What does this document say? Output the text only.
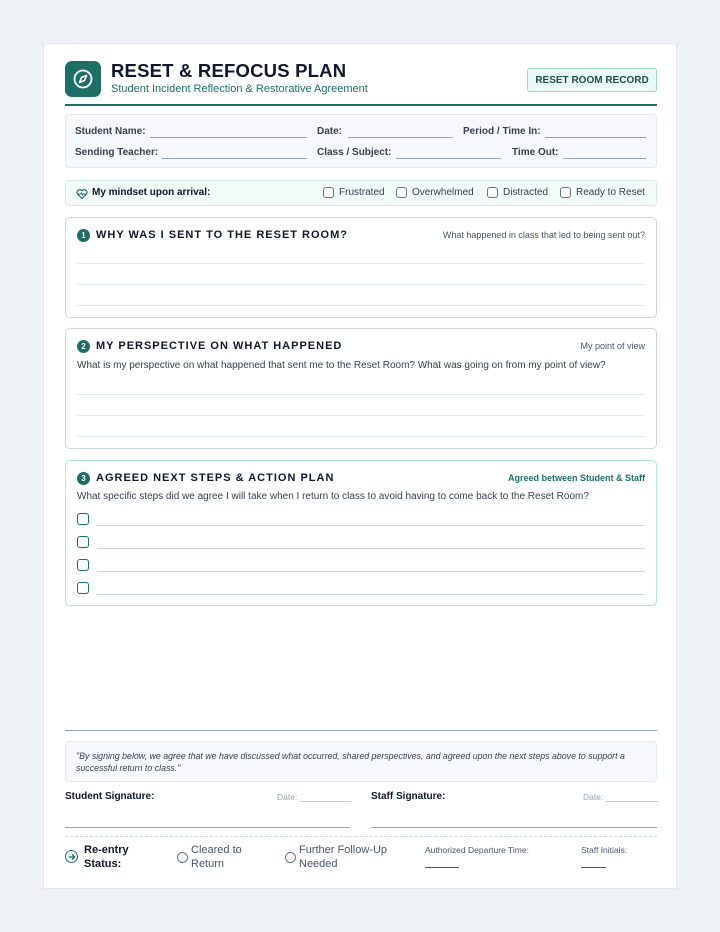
RESET & REFOCUS PLAN
Student Incident Reflection & Restorative Agreement
RESET ROOM RECORD
Student Name:	Date:	Period / Time In:
Sending Teacher:	Class / Subject:	Time Out:
My mindset upon arrival:	Frustrated	Overwhelmed	Distracted	Ready to Reset
1 WHY WAS I SENT TO THE RESET ROOM?	What happened in class that led to being sent out?
2 MY PERSPECTIVE ON WHAT HAPPENED	My point of view
What is my perspective on what happened that sent me to the Reset Room? What was going on from my point of view?
3 AGREED NEXT STEPS & ACTION PLAN	Agreed between Student & Staff
What specific steps did we agree I will take when I return to class to avoid having to come back to the Reset Room?
"By signing below, we agree that we have discussed what occurred, shared perspectives, and agreed upon the next steps above to support a successful return to class."
Student Signature:	Date: ___________ Staff Signature:	Date: ___________
Re-entry Status:
Cleared to Return
Further Follow-Up Needed
Authorized Departure Time:	Staff Initials:
